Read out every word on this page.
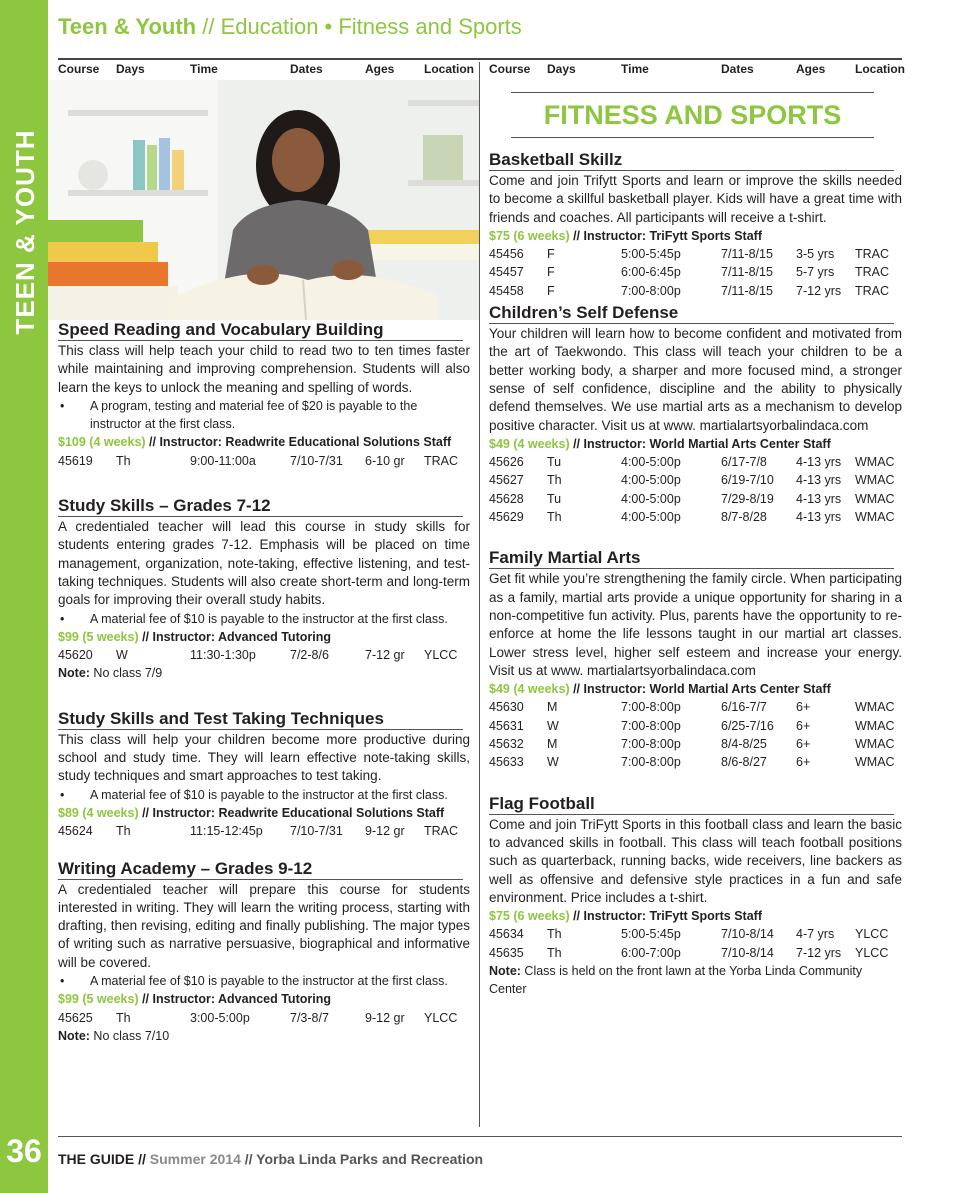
TEEN & YOUTH
36
Teen & Youth // Education • Fitness and Sports
Course Days	Time	Dates	Ages Location Course Days	Time	Dates	Ages Location
Speed Reading and Vocabulary Building
This class will help teach your child to read two to ten times faster while maintaining and improving comprehension. Students will also learn the keys to unlock the meaning and spelling of words.
• A program, testing and material fee of $20 is payable to the instructor at the first class.
$109 (4 weeks) // Instructor: Readwrite Educational Solutions Staff
45619 Th	9:00-11:00a	7/10-7/31 6-10 gr TRAC
Study Skills – Grades 7-12
A credentialed teacher will lead this course in study skills for students entering grades 7-12. Emphasis will be placed on time management, organization, note-taking, effective listening, and test-taking techniques. Students will also create short-term and long-term goals for improving their overall study habits.
• A material fee of $10 is payable to the instructor at the first class.
$99 (5 weeks) // Instructor: Advanced Tutoring
45620 W	11:30-1:30p	7/2-8/6	7-12 gr YLCC
Note: No class 7/9
Study Skills and Test Taking Techniques
This class will help your children become more productive during school and study time. They will learn effective note-taking skills, study techniques and smart approaches to test taking.
• A material fee of $10 is payable to the instructor at the first class.
$89 (4 weeks) // Instructor: Readwrite Educational Solutions Staff
45624 Th	11:15-12:45p 7/10-7/31 9-12 gr TRAC
Writing Academy – Grades 9-12
A credentialed teacher will prepare this course for students interested in writing. They will learn the writing process, starting with drafting, then revising, editing and finally publishing. The major types of writing such as narrative persuasive, biographical and informative will be covered.
• A material fee of $10 is payable to the instructor at the first class.
$99 (5 weeks) // Instructor: Advanced Tutoring
45625 Th	3:00-5:00p	7/3-8/7	9-12 gr YLCC
Note: No class 7/10
FITNESS AND SPORTS
Basketball Skillz
Come and join Trifytt Sports and learn or improve the skills needed to become a skillful basketball player. Kids will have a great time with friends and coaches. All participants will receive a t-shirt.
$75 (6 weeks) // Instructor: TriFytt Sports Staff
45456 F	5:00-5:45p	7/11-8/15 3-5 yrs TRAC
45457 F	6:00-6:45p	7/11-8/15 5-7 yrs TRAC
45458 F	7:00-8:00p	7/11-8/15 7-12 yrs TRAC
Children’s Self Defense
Your children will learn how to become confident and motivated from the art of Taekwondo. This class will teach your children to be a better working body, a sharper and more focused mind, a stronger sense of self confidence, discipline and the ability to physically defend themselves. We use martial arts as a mechanism to develop positive character. Visit us at www. martialartsyorbalindaca.com
$49 (4 weeks) // Instructor: World Martial Arts Center Staff
45626 Tu	4:00-5:00p	6/17-7/8 4-13 yrs WMAC
45627 Th	4:00-5:00p	6/19-7/10 4-13 yrs WMAC
45628 Tu	4:00-5:00p	7/29-8/19 4-13 yrs WMAC
45629 Th	4:00-5:00p	8/7-8/28 4-13 yrs WMAC
Family Martial Arts
Get fit while you’re strengthening the family circle. When participating as a family, martial arts provide a unique opportunity for sharing in a non-competitive fun activity. Plus, parents have the opportunity to re-enforce at home the life lessons taught in our martial art classes. Lower stress level, higher self esteem and increase your energy. Visit us at www. martialartsyorbalindaca.com
$49 (4 weeks) // Instructor: World Martial Arts Center Staff
45630 M	7:00-8:00p	6/16-7/7 6+	WMAC
45631 W	7:00-8:00p	6/25-7/16 6+	WMAC
45632 M	7:00-8:00p	8/4-8/25 6+	WMAC
45633 W	7:00-8:00p	8/6-8/27 6+	WMAC
Flag Football
Come and join TriFytt Sports in this football class and learn the basic to advanced skills in football. This class will teach football positions such as quarterback, running backs, wide receivers, line backers as well as offensive and defensive style practices in a fun and safe environment. Price includes a t-shirt.
$75 (6 weeks) // Instructor: TriFytt Sports Staff
45634 Th	5:00-5:45p	7/10-8/14 4-7 yrs YLCC
45635 Th	6:00-7:00p	7/10-8/14 7-12 yrs YLCC
Note: Class is held on the front lawn at the Yorba Linda Community Center
THE GUIDE // Summer 2014 // Yorba Linda Parks and Recreation
